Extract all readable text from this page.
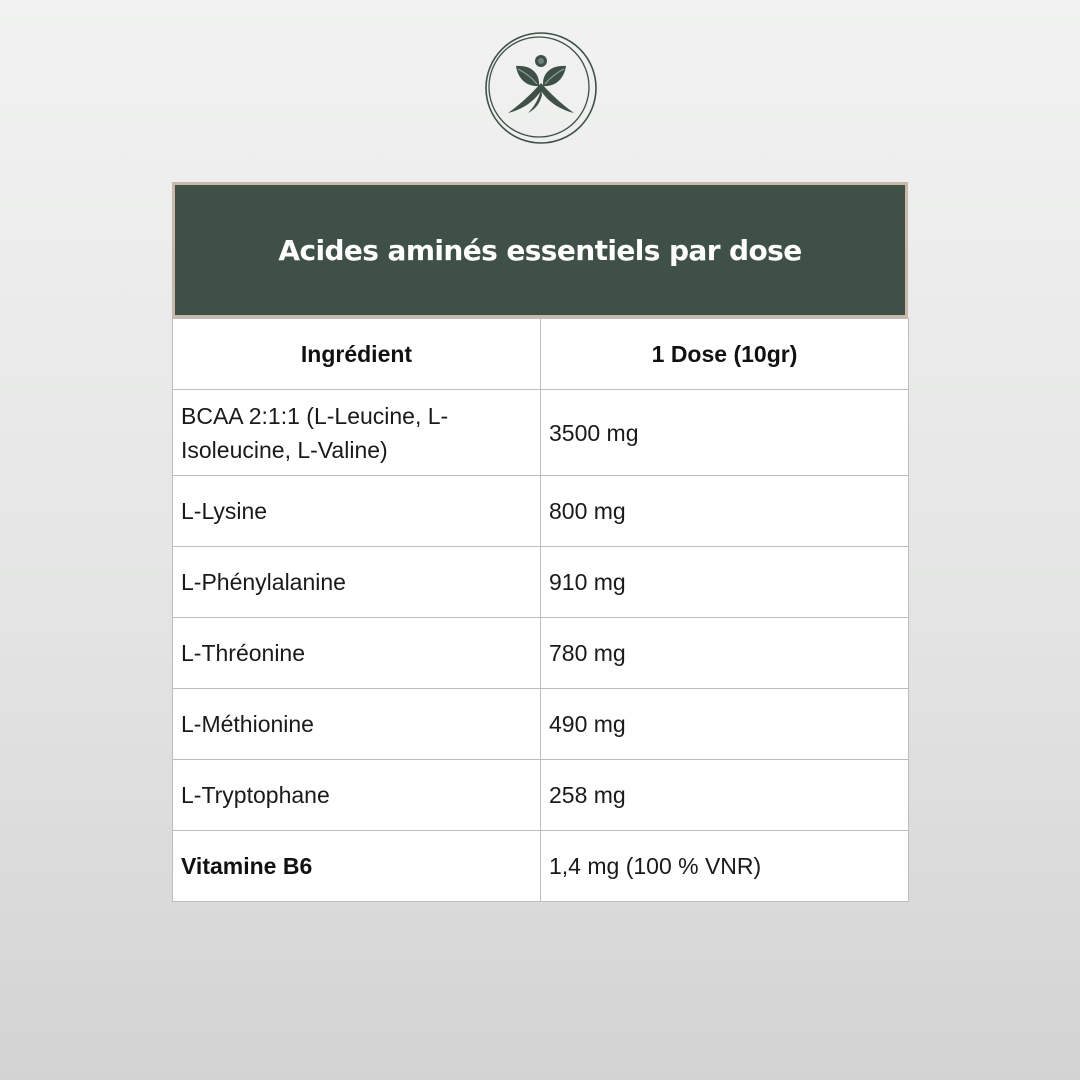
Acides aminés essentiels par dose
Ingrédient	1 Dose (10gr)
BCAA 2:1:1 (L-Leucine, L-Isoleucine, L-Valine)	3500 mg
L-Lysine	800 mg
L-Phénylalanine	910 mg
L-Thréonine	780 mg
L-Méthionine	490 mg
L-Tryptophane	258 mg
Vitamine B6	1,4 mg (100 % VNR)
